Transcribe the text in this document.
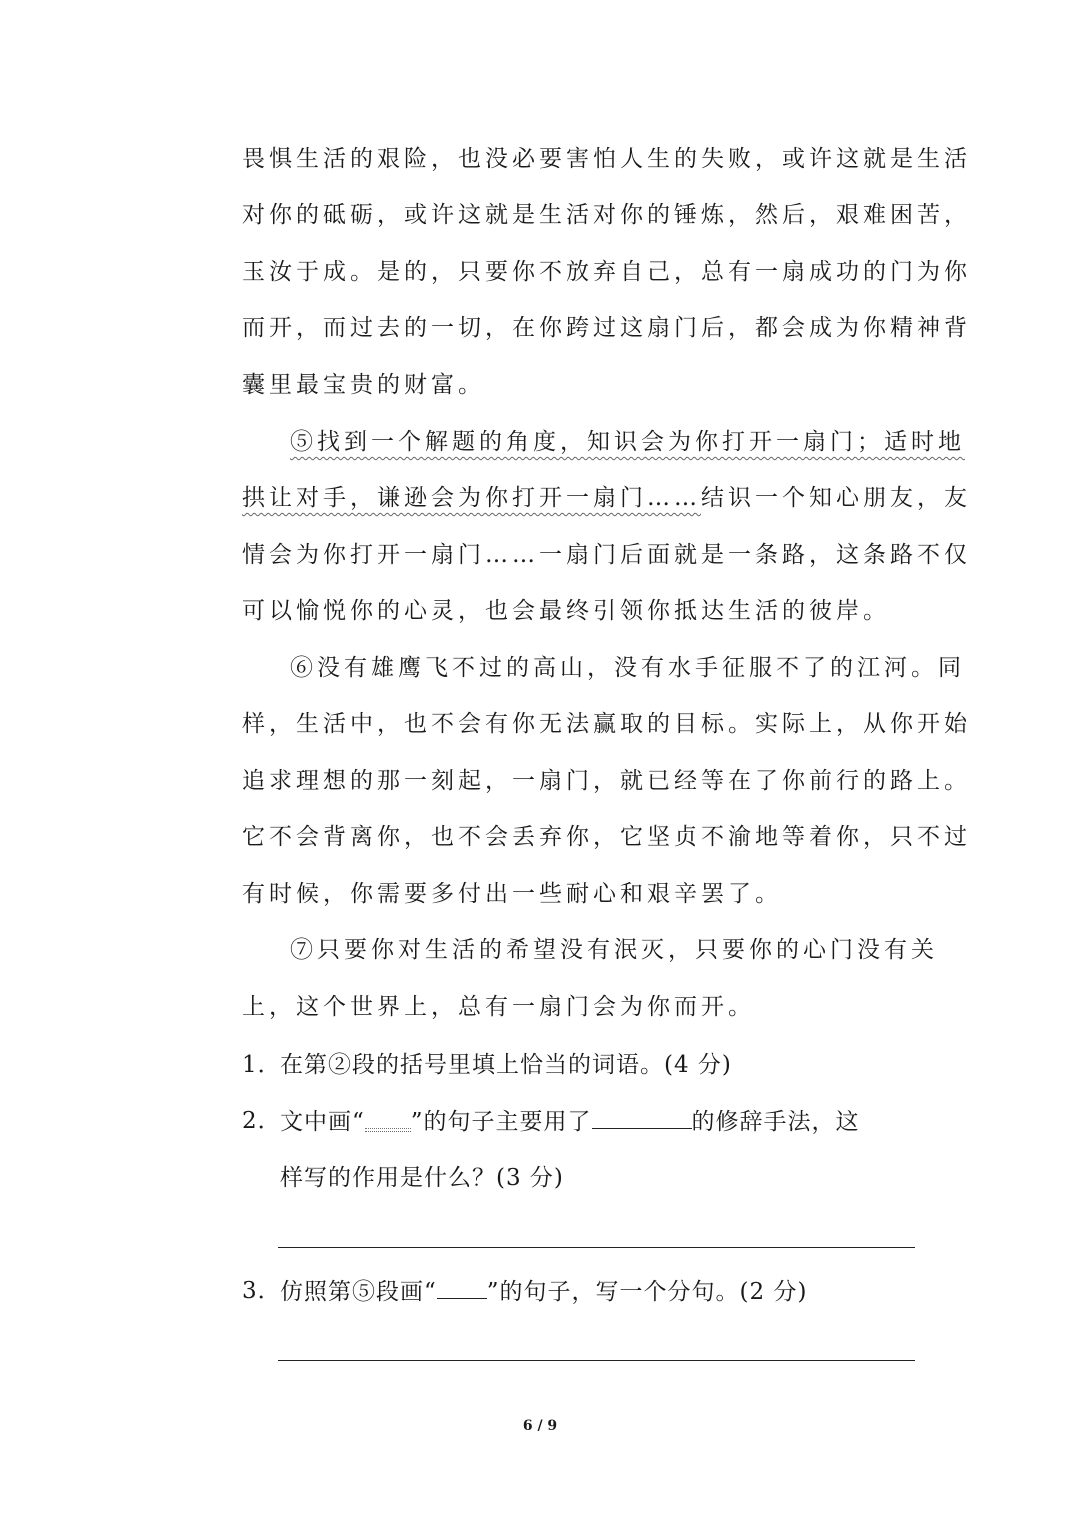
畏惧生活的艰险，也没必要害怕人生的失败，或许这就是生活
对你的砥砺，或许这就是生活对你的锤炼，然后，艰难困苦，
玉汝于成。是的，只要你不放弃自己，总有一扇成功的门为你
而开，而过去的一切，在你跨过这扇门后，都会成为你精神背
囊里最宝贵的财富。
⑤找到一个解题的角度，知识会为你打开一扇门；适时地
拱让对手，谦逊会为你打开一扇门……结识一个知心朋友，友
情会为你打开一扇门……一扇门后面就是一条路，这条路不仅
可以愉悦你的心灵，也会最终引领你抵达生活的彼岸。
⑥没有雄鹰飞不过的高山，没有水手征服不了的江河。同
样，生活中，也不会有你无法赢取的目标。实际上，从你开始
追求理想的那一刻起，一扇门，就已经等在了你前行的路上。
它不会背离你，也不会丢弃你，它坚贞不渝地等着你，只不过
有时候，你需要多付出一些耐心和艰辛罢了。
⑦只要你对生活的希望没有泯灭，只要你的心门没有关
上，这个世界上，总有一扇门会为你而开。
1．
在第②段的括号里填上恰当的词语。(4 分)
2．
文中画“ ”的句子主要用了	的修辞手法，这
样写的作用是什么？(3 分)
3．
仿照第⑤段画“ ”的句子，写一个分句。(2 分)
6 / 9
